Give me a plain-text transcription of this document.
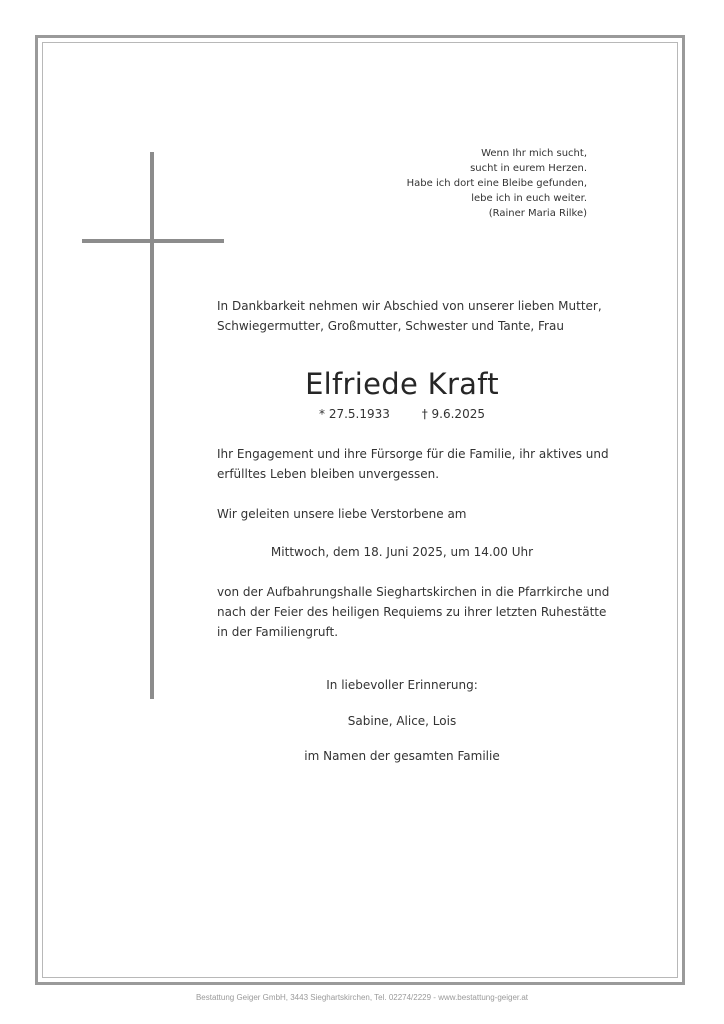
Wenn Ihr mich sucht,
sucht in eurem Herzen.
Habe ich dort eine Bleibe gefunden,
lebe ich in euch weiter.
(Rainer Maria Rilke)
In Dankbarkeit nehmen wir Abschied von unserer lieben Mutter,
Schwiegermutter, Großmutter, Schwester und Tante, Frau
Elfriede Kraft
* 27.5.1933	† 9.6.2025
Ihr Engagement und ihre Fürsorge für die Familie, ihr aktives und
erfülltes Leben bleiben unvergessen.
Wir geleiten unsere liebe Verstorbene am
Mittwoch, dem 18. Juni 2025, um 14.00 Uhr
von der Aufbahrungshalle Sieghartskirchen in die Pfarrkirche und
nach der Feier des heiligen Requiems zu ihrer letzten Ruhestätte
in der Familiengruft.
In liebevoller Erinnerung:
Sabine, Alice, Lois
im Namen der gesamten Familie
Bestattung Geiger GmbH, 3443 Sieghartskirchen, Tel. 02274/2229 - www.bestattung-geiger.at
